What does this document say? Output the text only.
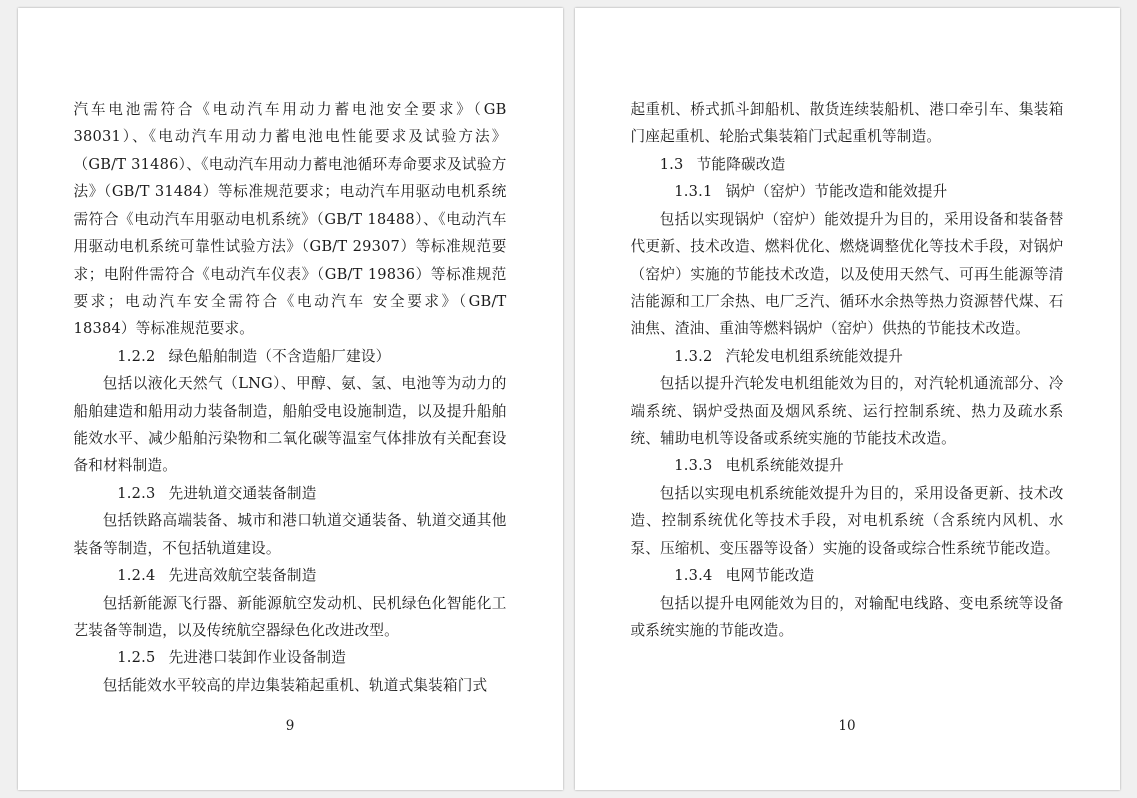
汽车电池需符合《电动汽车用动力蓄电池安全要求》（GB 38031）、《电动汽车用动力蓄电池电性能要求及试验方法》（GB/T 31486）、《电动汽车用动力蓄电池循环寿命要求及试验方法》（GB/T 31484）等标准规范要求；电动汽车用驱动电机系统需符合《电动汽车用驱动电机系统》（GB/T 18488）、《电动汽车用驱动电机系统可靠性试验方法》（GB/T 29307）等标准规范要求；电附件需符合《电动汽车仪表》（GB/T 19836）等标准规范要求；电动汽车安全需符合《电动汽车 安全要求》（GB/T 18384）等标准规范要求。

1.2.2 绿色船舶制造（不含造船厂建设）

包括以液化天然气（LNG）、甲醇、氨、氢、电池等为动力的船舶建造和船用动力装备制造，船舶受电设施制造，以及提升船舶能效水平、减少船舶污染物和二氧化碳等温室气体排放有关配套设备和材料制造。

1.2.3 先进轨道交通装备制造

包括铁路高端装备、城市和港口轨道交通装备、轨道交通其他装备等制造，不包括轨道建设。

1.2.4 先进高效航空装备制造

包括新能源飞行器、新能源航空发动机、民机绿色化智能化工艺装备等制造，以及传统航空器绿色化改进改型。

1.2.5 先进港口装卸作业设备制造

包括能效水平较高的岸边集装箱起重机、轨道式集装箱门式

9

起重机、桥式抓斗卸船机、散货连续装船机、港口牵引车、集装箱门座起重机、轮胎式集装箱门式起重机等制造。

1.3 节能降碳改造

1.3.1 锅炉（窑炉）节能改造和能效提升

包括以实现锅炉（窑炉）能效提升为目的，采用设备和装备替代更新、技术改造、燃料优化、燃烧调整优化等技术手段，对锅炉（窑炉）实施的节能技术改造，以及使用天然气、可再生能源等清洁能源和工厂余热、电厂乏汽、循环水余热等热力资源替代煤、石油焦、渣油、重油等燃料锅炉（窑炉）供热的节能技术改造。

1.3.2 汽轮发电机组系统能效提升

包括以提升汽轮发电机组能效为目的，对汽轮机通流部分、冷端系统、锅炉受热面及烟风系统、运行控制系统、热力及疏水系统、辅助电机等设备或系统实施的节能技术改造。

1.3.3 电机系统能效提升

包括以实现电机系统能效提升为目的，采用设备更新、技术改造、控制系统优化等技术手段，对电机系统（含系统内风机、水泵、压缩机、变压器等设备）实施的设备或综合性系统节能改造。

1.3.4 电网节能改造

包括以提升电网能效为目的，对输配电线路、变电系统等设备或系统实施的节能改造。

10
